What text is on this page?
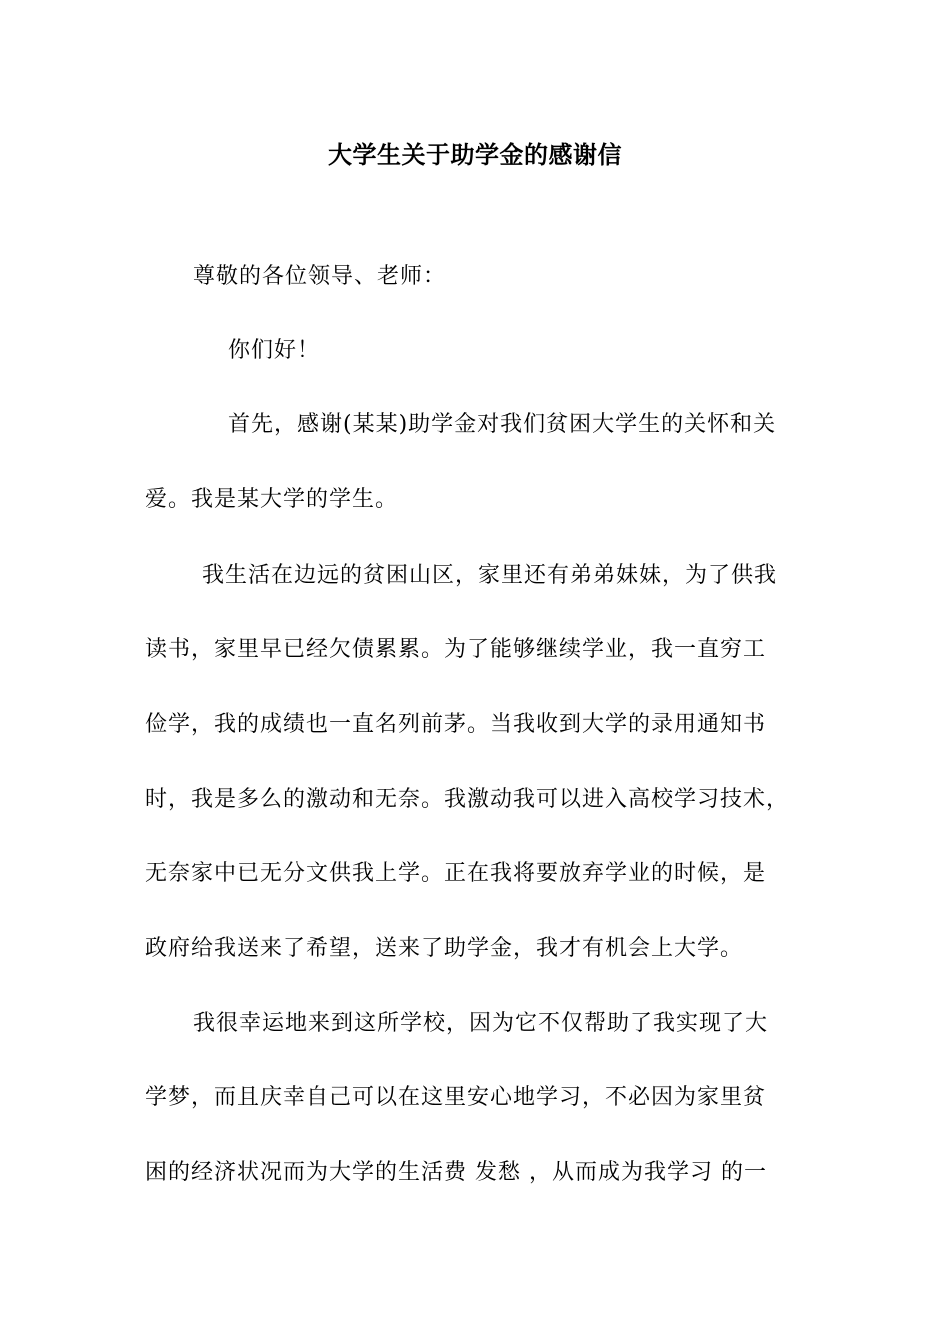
大学生关于助学金的感谢信
尊敬的各位领导、老师：
你们好！
首先，感谢(某某)助学金对我们贫困大学生的关怀和关
爱。我是某大学的学生。
我生活在边远的贫困山区，家里还有弟弟妹妹，为了供我
读书，家里早已经欠债累累。为了能够继续学业，我一直穷工
俭学，我的成绩也一直名列前茅。当我收到大学的录用通知书
时，我是多么的激动和无奈。我激动我可以进入高校学习技术，
无奈家中已无分文供我上学。正在我将要放弃学业的时候，是
政府给我送来了希望，送来了助学金，我才有机会上大学。
我很幸运地来到这所学校，因为它不仅帮助了我实现了大
学梦，而且庆幸自己可以在这里安心地学习，不必因为家里贫
困的经济状况而为大学的生活费 发愁 ，从而成为我学习 的一
